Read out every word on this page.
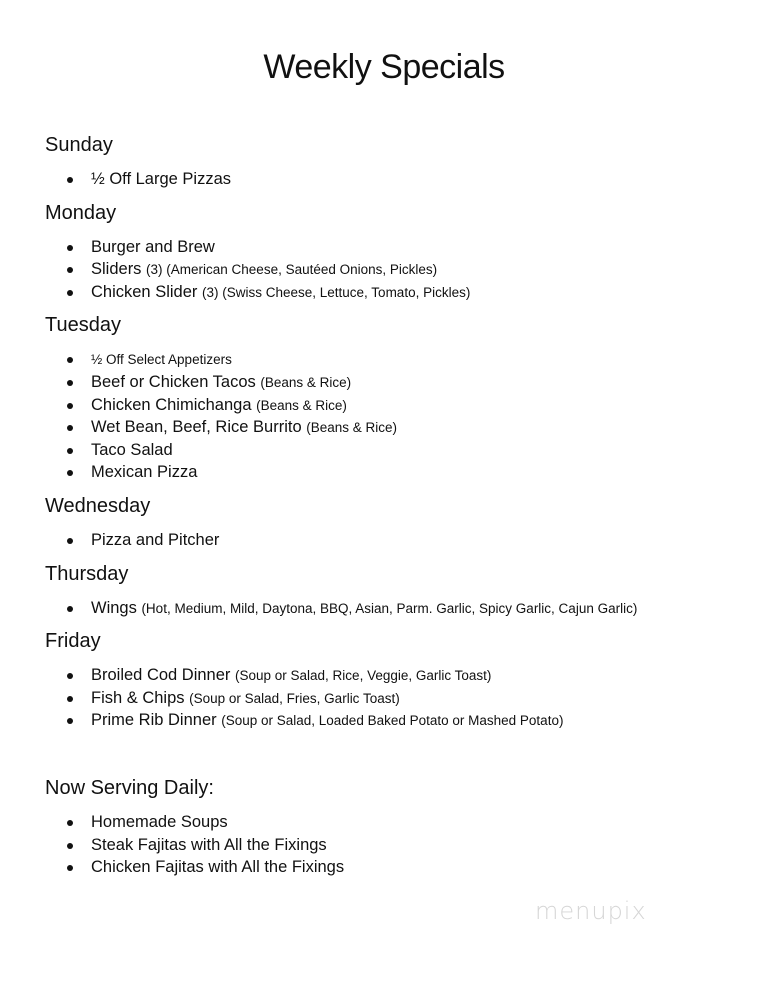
Weekly Specials
Sunday
½ Off Large Pizzas
Monday
Burger and Brew
Sliders (3) (American Cheese, Sautéed Onions, Pickles)
Chicken Slider (3) (Swiss Cheese, Lettuce, Tomato, Pickles)
Tuesday
½ Off Select Appetizers
Beef or Chicken Tacos (Beans & Rice)
Chicken Chimichanga (Beans & Rice)
Wet Bean, Beef, Rice Burrito (Beans & Rice)
Taco Salad
Mexican Pizza
Wednesday
Pizza and Pitcher
Thursday
Wings (Hot, Medium, Mild, Daytona, BBQ, Asian, Parm. Garlic, Spicy Garlic, Cajun Garlic)
Friday
Broiled Cod Dinner (Soup or Salad, Rice, Veggie, Garlic Toast)
Fish & Chips (Soup or Salad, Fries, Garlic Toast)
Prime Rib Dinner (Soup or Salad, Loaded Baked Potato or Mashed Potato)
Now Serving Daily:
Homemade Soups
Steak Fajitas with All the Fixings
Chicken Fajitas with All the Fixings
menupix
